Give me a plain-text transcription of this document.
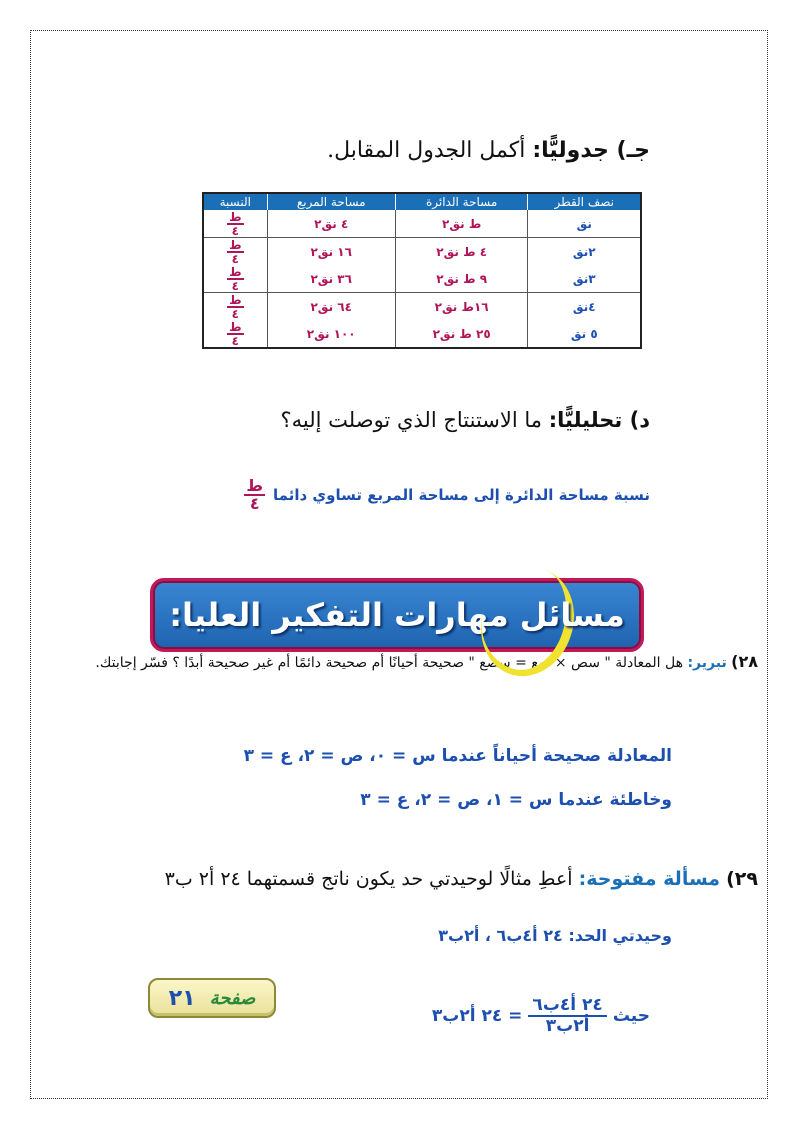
جـ) جدوليًّا: أكمل الجدول المقابل.
نصف القطر	مساحة الدائرة	مساحة المربع	النسبة
نق	ط نق٢	٤ نق٢	$\frac{\text{ط}}{٤}$

٢نق	٤ ط نق٢	١٦ نق٢	$\frac{\text{ط}}{٤}$

٣نق	٩ ط نق٢	٣٦ نق٢	$\frac{\text{ط}}{٤}$

٤نق	١٦ط نق٢	٦٤ نق٢	$\frac{\text{ط}}{٤}$

٥ نق	٢٥ ط نق٢	١٠٠ نق٢	$\frac{\text{ط}}{٤}$
د) تحليليًّا: ما الاستنتاج الذي توصلت إليه؟
نسبة مساحة الدائرة إلى مساحة المربع تساوي دائما
$\frac{\text{ط}}{٤}$
مسائل مهارات التفكير العليا:
٢٨) تبرير: هل المعادلة " سص × سع = سصع " صحيحة أحيانًا أم صحيحة دائمًا أم غير صحيحة أبدًا ؟ فسّر إجابتك.
المعادلة صحيحة أحياناً عندما س = ٠، ص = ٢، ع = ٣
وخاطئة عندما س = ١، ص = ٢، ع = ٣
٢٩) مسألة مفتوحة: أعطِ مثالًا لوحيدتي حد يكون ناتج قسمتهما ٢٤ أ٢ ب٣
وحيدتي الحد: ٢٤ أ٤ب٦ ، أ٢ب٣
حيث
٢٤ أ٤ب٦
أ٢ب٣
= ٢٤ أ٢ب٣
صفحة
٢١
